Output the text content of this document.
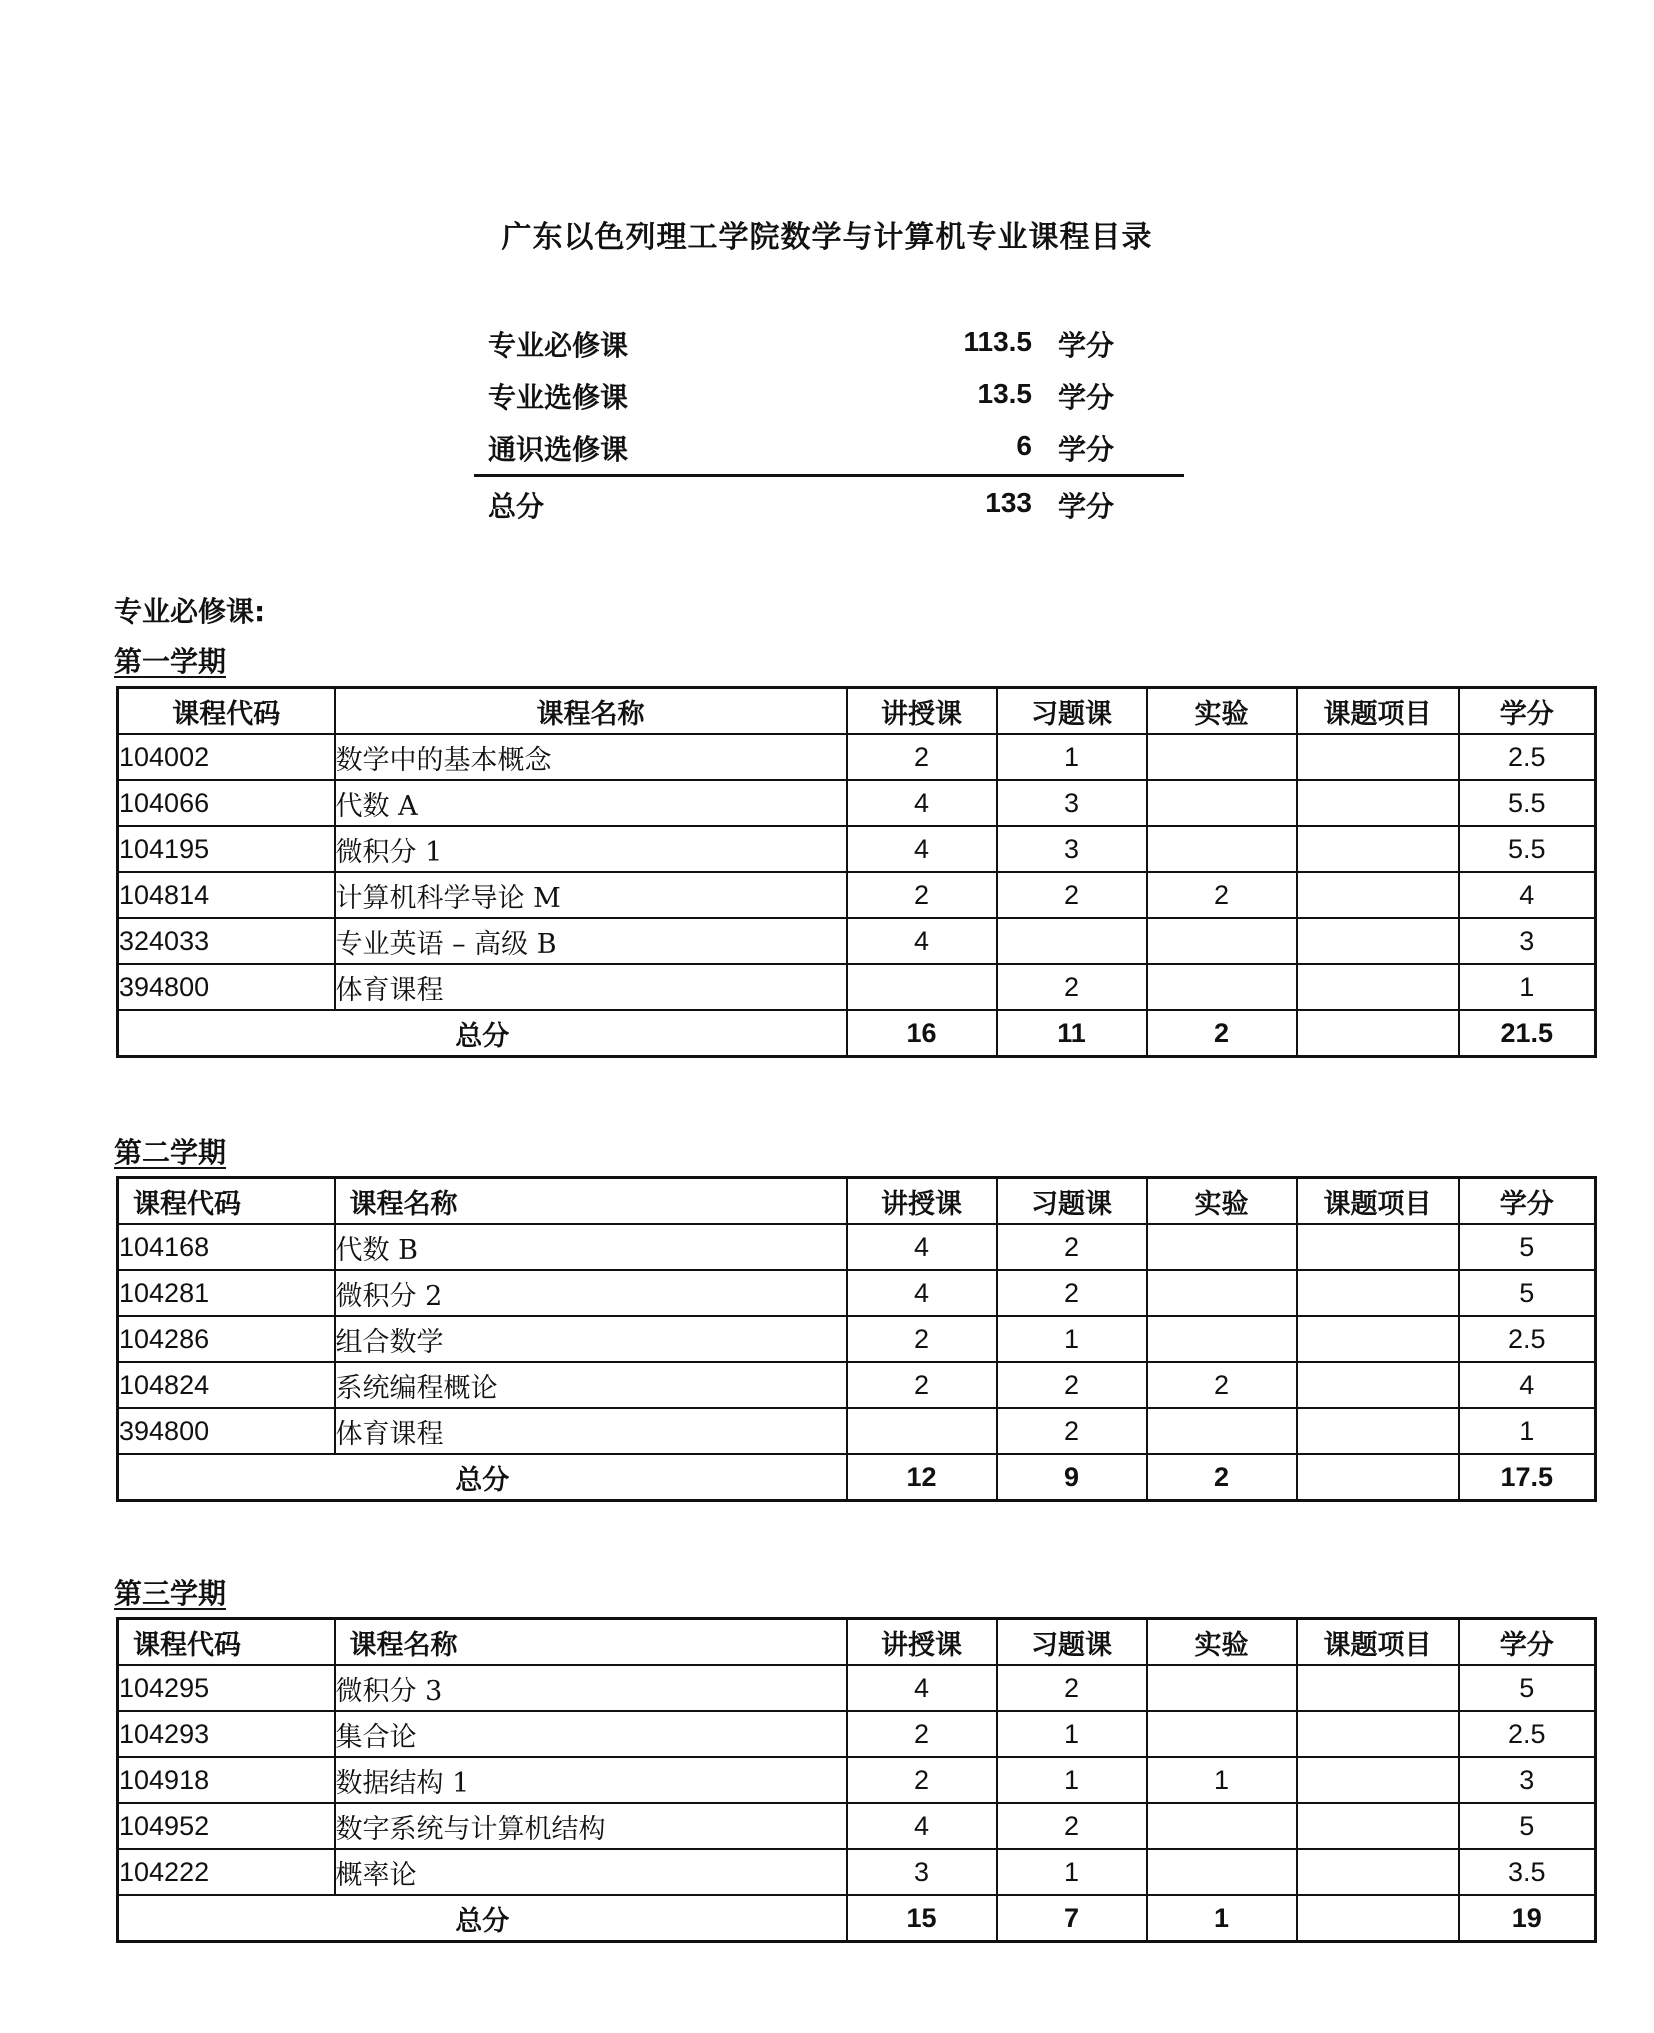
广东以色列理工学院数学与计算机专业课程目录
专业必修课	113.5 学分
专业选修课	13.5 学分
通识选修课	6 学分
总分	133 学分
专业必修课:
第一学期
课程代码	课程名称	讲授课	习题课	实验	课题项目	学分
104002	数学中的基本概念	2	1			2.5
104066	代数 A	4	3			5.5
104195	微积分 1	4	3			5.5
104814	计算机科学导论 M	2	2	2		4
324033	专业英语 – 高级 B	4				3
394800	体育课程		2			1
总分		16	11	2		21.5
第二学期
课程代码	课程名称	讲授课	习题课	实验	课题项目	学分
104168	代数 B	4	2			5
104281	微积分 2	4	2			5
104286	组合数学	2	1			2.5
104824	系统编程概论	2	2	2		4
394800	体育课程		2			1
总分		12	9	2		17.5
第三学期
课程代码	课程名称	讲授课	习题课	实验	课题项目	学分
104295	微积分 3	4	2			5
104293	集合论	2	1			2.5
104918	数据结构 1	2	1	1		3
104952	数字系统与计算机结构	4	2			5
104222	概率论	3	1			3.5
总分		15	7	1		19
